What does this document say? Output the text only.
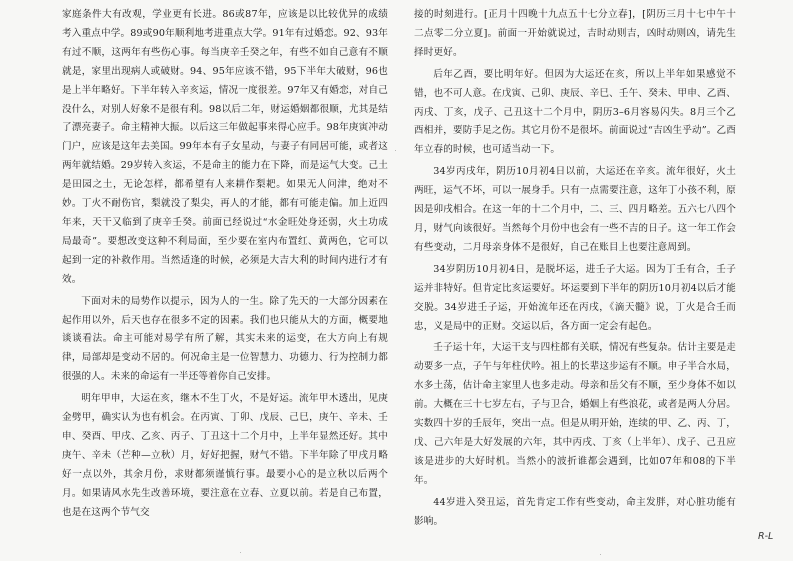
家庭条件大有改观，学业更有长进。86或87年，应该是以比较优异的成绩考入重点中学。89或90年顺利地考进重点大学。91年有过婚恋。92、93年有过不顺，这两年有些伤心事。每当庚辛壬癸之年，有些不如自己意有不顺就是，家里出现病人或破财。94、95年应该不错，95下半年大破财，96也是上半年略好。下半年转入辛亥运，情况一度很差。97年又有婚恋，对自己没什么，对别人好象不是很有利。98以后二年，财运婚姻都很顺，尤其是结了漂亮妻子。命主精神大振。以后这三年做起事来得心应手。98年庚寅冲动门户，应该是这年去美国。99年本有子女星动，与妻子有同居可能，或者这两年就结婚。29岁转入亥运，不是命主的能力在下降，而是运气大变。己土是田园之土，无论怎样，都希望有人来耕作梨耙。如果无人问津，绝对不妙。丁火不耐伤官，梨就没了梨尖，再人的才能，都有可能走偏。加上近四年来，天干又临到了庚辛壬癸。前面已经说过“水金旺处身还弱，火土功成局最奇”。要想改变这种不利局面，至少要在室内布置红、黄两色，它可以起到一定的补救作用。当然适逢的时候，必须是大吉大利的时间内进行才有效。

下面对未的局势作以提示，因为人的一生。除了先天的一大部分因素在起作用以外，后天也存在很多不定的因素。我们也只能从大的方面，概要地谈谈看法。命主可能对易学有所了解，其实未来的运变，在大方向上有规律，局部却是变动不居的。何况命主是一位智慧力、功德力、行为控制力都很强的人。未来的命运有一半还等着你自己安排。

明年甲申，大运在亥，继木不生丁火，不是好运。流年甲木透出，见庚金劈甲，确实认为也有机会。在丙寅、丁卯、戊辰、己巳，庚午、辛未、壬申、癸酉、甲戌、乙亥、丙子、丁丑这十二个月中，上半年显然还好。其中庚午、辛未（芒种—立秋）月，好好把握，财气不错。下半年除了甲戌月略好一点以外，其余月份，求财都须谨慎行事。最要小心的是立秋以后两个月。如果请风水先生改善环境，要注意在立春、立夏以前。若是自己布置，也是在这两个节气交

接的时刻进行。[正月十四晚十九点五十七分立春]，[阴历三月十七中午十二点零二分立夏]。前面一开始就说过，吉时动则吉，凶时动则凶，请先生择时更好。

后年乙酉，要比明年好。但因为大运还在亥，所以上半年如果感觉不错，也不可人意。在戊寅、己卯、庚辰、辛巳、壬午、癸未、甲申、乙酉、丙戌、丁亥，戊子、己丑这十二个月中，阴历3–6月容易闪失。8月三个乙酉相并，要防手足之伤。其它月份不是很坏。前面说过“吉凶生乎动”。乙酉年立春的时候，也可适当动一下。

34岁丙戌年，阴历10月初4日以前，大运还在辛亥。流年很好，火土两旺，运气不坏，可以一展身手。只有一点需要注意，这年丁小孩不利，原因是卯戌相合。在这一年的十二个月中，二、三、四月略差。五六七八四个月，财气向该很好。当然每个月份中也会有一些不吉的日子。这一年工作会有些变动，二月母亲身体不是很好，自己在账目上也要注意周到。

34岁阴历10月初4日，是脱坏运，进壬子大运。因为丁壬有合，壬子运并非特好。但肯定比亥运要好。坏运要到下半年的阴历10月初4以后才能交脱。34岁进壬子运，开始流年还在丙戌，《滴天髓》说，丁火是合壬而忠，义是局中的正财。交运以后，各方面一定会有起色。

壬子运十年，大运干支与四柱都有关联，情况有些复杂。估计主要是走动要多一点，子午与年柱伏吟。祖上的长辈这步运有不顺。申子半合水局，水多土荡，估计命主家里人也多走动。母亲和岳父有不顺，至少身体不如以前。大概在三十七岁左右，子与卫合，婚姻上有些浪花，或者是两人分居。实数四十岁的壬辰年，突出一点。但是从明开始，连续的甲、乙、丙、丁，戊、己六年是大好发展的六年，其中丙戌、丁亥（上半年）、戊子、己丑应该是进步的大好时机。当然小的波折谁都会遇到，比如07年和08的下半年。

44岁进入癸丑运，首先肯定工作有些变动，命主发胖，对心脏功能有影响。

R-L
